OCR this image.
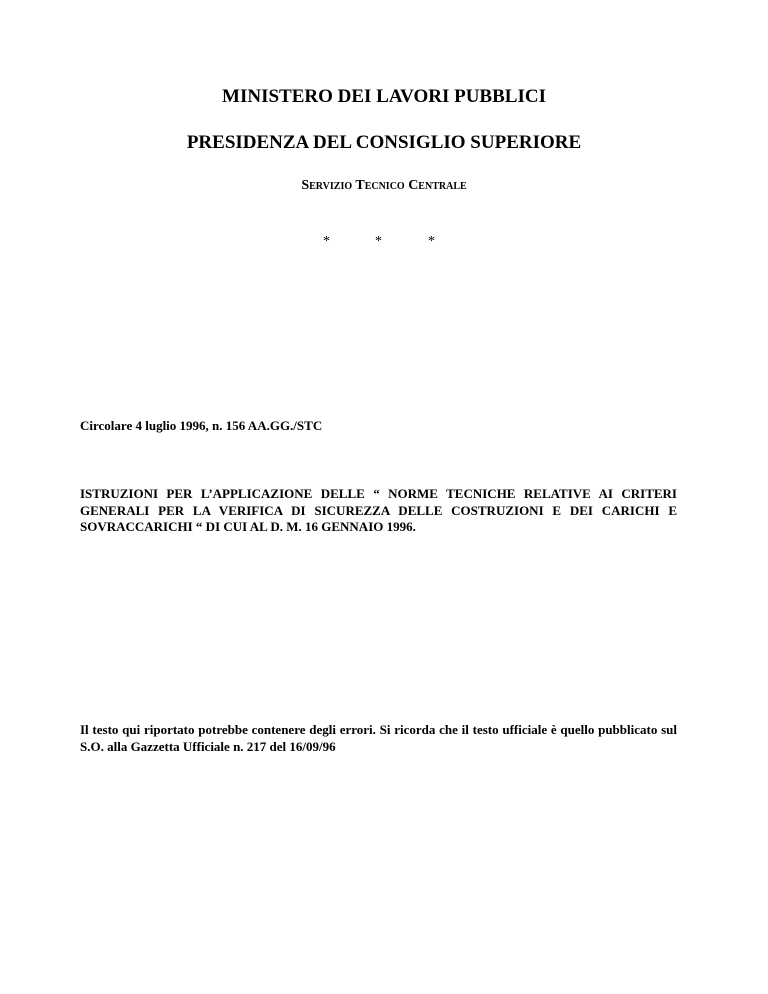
MINISTERO DEI LAVORI PUBBLICI
PRESIDENZA DEL CONSIGLIO SUPERIORE
Servizio Tecnico Centrale
*	*	*
Circolare 4 luglio 1996, n. 156 AA.GG./STC
ISTRUZIONI PER L’APPLICAZIONE DELLE “ NORME TECNICHE RELATIVE AI CRITERI GENERALI PER LA VERIFICA DI SICUREZZA DELLE COSTRUZIONI E DEI CARICHI E SOVRACCARICHI “ DI CUI AL D. M. 16 GENNAIO 1996.
Il testo qui riportato potrebbe contenere degli errori. Si ricorda che il testo ufficiale è quello pubblicato sul S.O. alla Gazzetta Ufficiale n. 217 del 16/09/96
